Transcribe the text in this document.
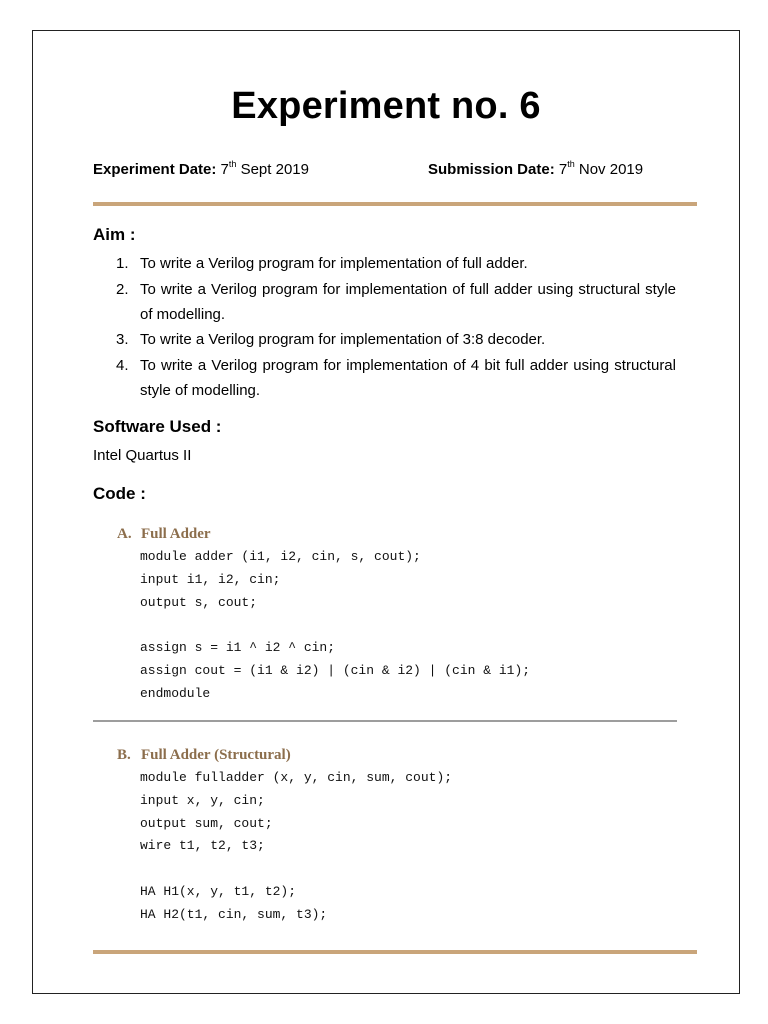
Experiment no. 6
Experiment Date: 7th Sept 2019	Submission Date: 7th Nov 2019
Aim :
1. To write a Verilog program for implementation of full adder.
2. To write a Verilog program for implementation of full adder using structural style of modelling.
3. To write a Verilog program for implementation of 3:8 decoder.
4. To write a Verilog program for implementation of 4 bit full adder using structural style of modelling.
Software Used :
Intel Quartus II
Code :
A. Full Adder
module adder (i1, i2, cin, s, cout);
input i1, i2, cin;
output s, cout;

assign s = i1 ^ i2 ^ cin;
assign cout = (i1 & i2) | (cin & i2) | (cin & i1);
endmodule
B. Full Adder (Structural)
module fulladder (x, y, cin, sum, cout);
input x, y, cin;
output sum, cout;
wire t1, t2, t3;

HA H1(x, y, t1, t2);
HA H2(t1, cin, sum, t3);
